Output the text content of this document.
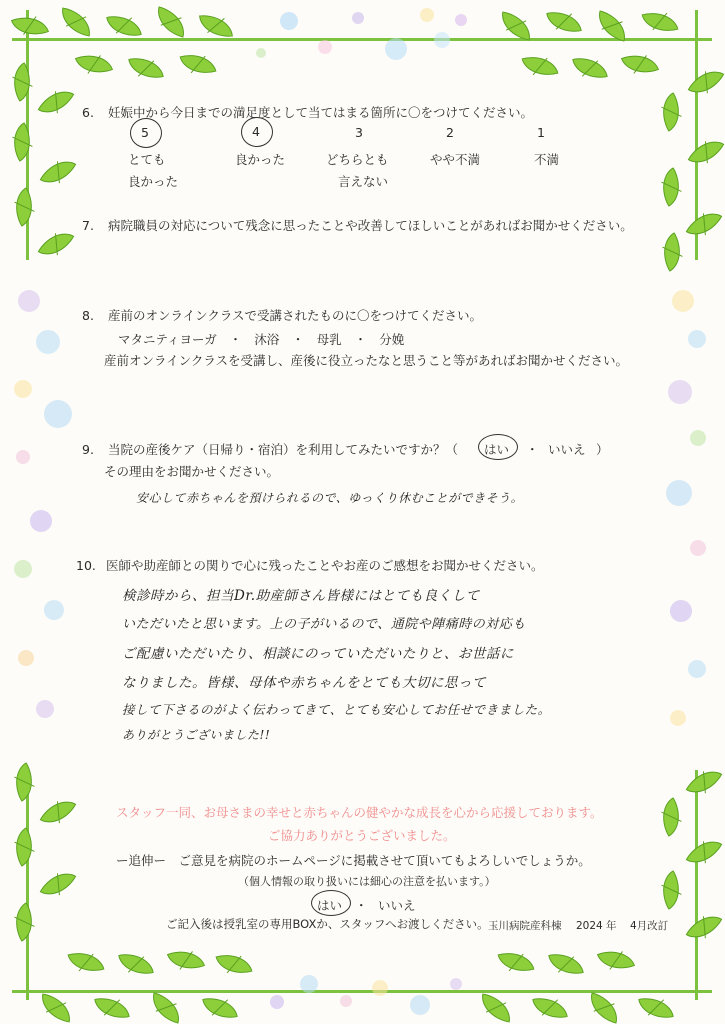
6. 妊娠中から今日までの満足度として当てはまる箇所に〇をつけてください。
5
とても
良かった
4
良かった
3
どちらとも
言えない
2
やや不満
1
不満
7. 病院職員の対応について残念に思ったことや改善してほしいことがあればお聞かせください。
8. 産前のオンラインクラスで受講されたものに〇をつけてください。
マタニティヨーガ　・　沐浴　・　母乳　・　分娩
産前オンラインクラスを受講し、産後に役立ったなと思うこと等があればお聞かせください。
9. 当院の産後ケア（日帰り・宿泊）を利用してみたいですか？（ はい ・ いいえ ）
その理由をお聞かせください。
安心して赤ちゃんを預けられるので、ゆっくり休むことができそう。
10. 医師や助産師との関りで心に残ったことやお産のご感想をお聞かせください。
検診時から、担当Dr.助産師さん皆様にはとても良くして
いただいたと思います。上の子がいるので、通院や陣痛時の対応も
ご配慮いただいたり、相談にのっていただいたりと、お世話に
なりました。皆様、母体や赤ちゃんをとても大切に思って
接して下さるのがよく伝わってきて、とても安心してお任せできました。
ありがとうございました!!
スタッフ一同、お母さまの幸せと赤ちゃんの健やかな成長を心から応援しております。
ご協力ありがとうございました。
ー追伸ー　ご意見を病院のホームページに掲載させて頂いてもよろしいでしょうか。
（個人情報の取り扱いには細心の注意を払います。）
はい ・ いいえ
ご記入後は授乳室の専用BOXか、スタッフへお渡しください。 玉川病院産科棟 2024 年 4月改訂
